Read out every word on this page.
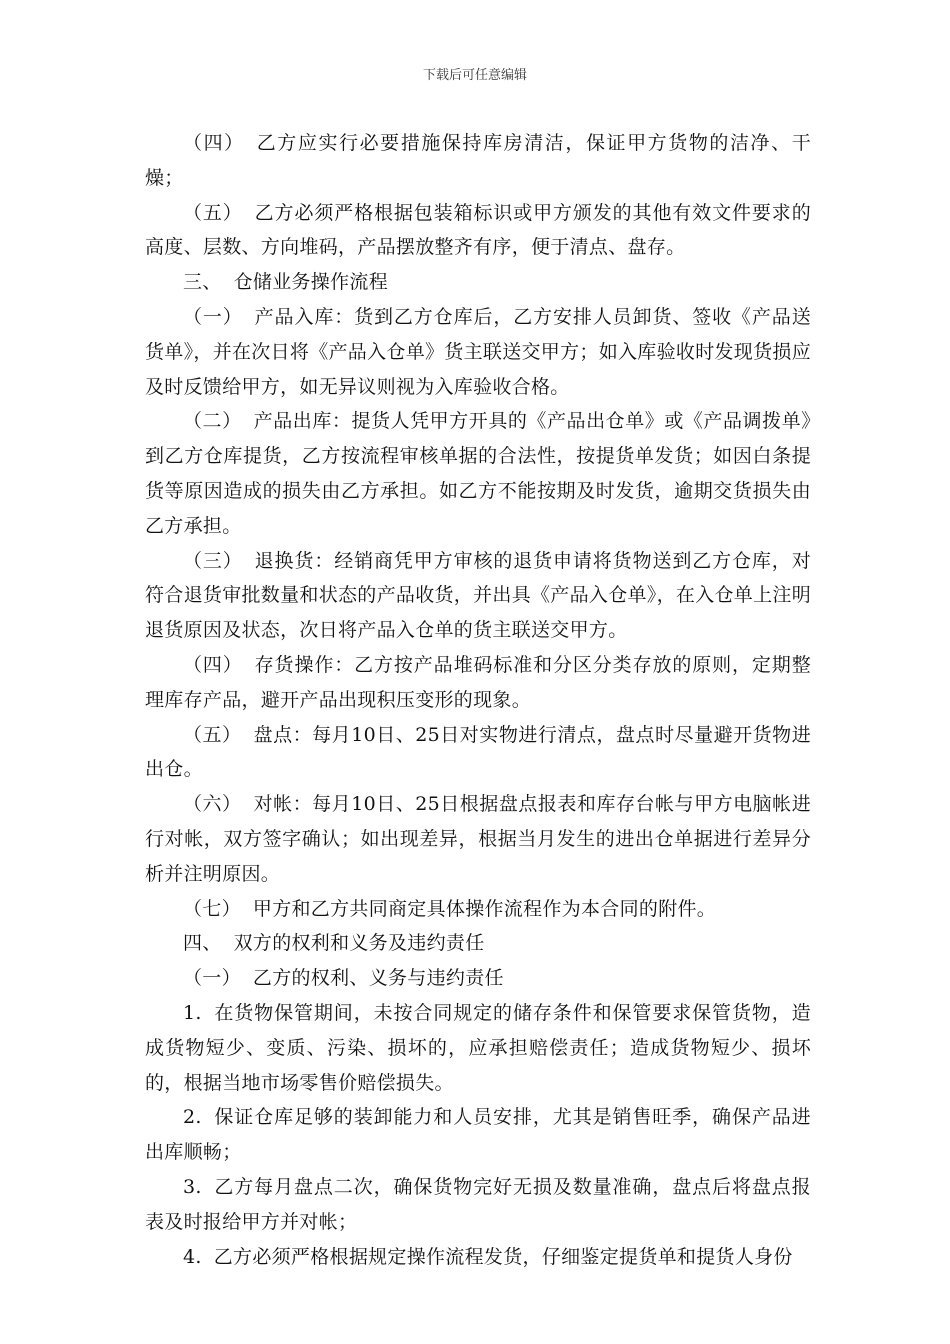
下载后可任意编辑

（四） 乙方应实行必要措施保持库房清洁，保证甲方货物的洁净、干燥；

（五） 乙方必须严格根据包装箱标识或甲方颁发的其他有效文件要求的高度、层数、方向堆码，产品摆放整齐有序，便于清点、盘存。

三、 仓储业务操作流程

（一） 产品入库：货到乙方仓库后，乙方安排人员卸货、签收《产品送货单》，并在次日将《产品入仓单》货主联送交甲方；如入库验收时发现货损应及时反馈给甲方，如无异议则视为入库验收合格。

（二） 产品出库：提货人凭甲方开具的《产品出仓单》或《产品调拨单》到乙方仓库提货，乙方按流程审核单据的合法性，按提货单发货；如因白条提货等原因造成的损失由乙方承担。如乙方不能按期及时发货，逾期交货损失由乙方承担。

（三） 退换货：经销商凭甲方审核的退货申请将货物送到乙方仓库，对符合退货审批数量和状态的产品收货，并出具《产品入仓单》，在入仓单上注明退货原因及状态，次日将产品入仓单的货主联送交甲方。

（四） 存货操作：乙方按产品堆码标准和分区分类存放的原则，定期整理库存产品，避开产品出现积压变形的现象。

（五） 盘点：每月10日、25日对实物进行清点，盘点时尽量避开货物进出仓。

（六） 对帐：每月10日、25日根据盘点报表和库存台帐与甲方电脑帐进行对帐，双方签字确认；如出现差异，根据当月发生的进出仓单据进行差异分析并注明原因。

（七） 甲方和乙方共同商定具体操作流程作为本合同的附件。

四、 双方的权利和义务及违约责任

（一） 乙方的权利、义务与违约责任

1. 在货物保管期间，未按合同规定的储存条件和保管要求保管货物，造成货物短少、变质、污染、损坏的，应承担赔偿责任；造成货物短少、损坏的，根据当地市场零售价赔偿损失。

2. 保证仓库足够的装卸能力和人员安排，尤其是销售旺季，确保产品进出库顺畅；

3. 乙方每月盘点二次，确保货物完好无损及数量准确，盘点后将盘点报表及时报给甲方并对帐；

4. 乙方必须严格根据规定操作流程发货，仔细鉴定提货单和提货人身份
